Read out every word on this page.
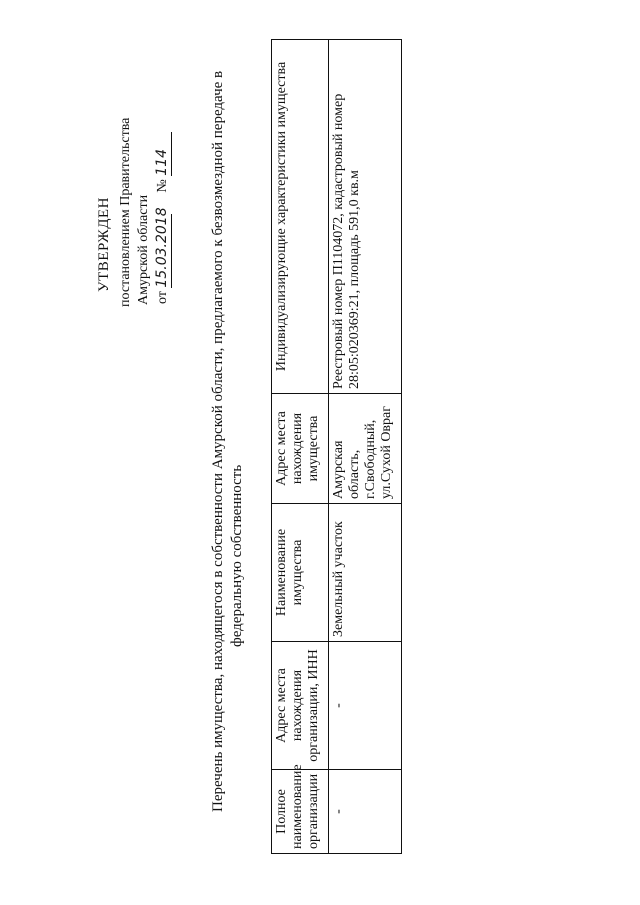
УТВЕРЖДЕН постановлением Правительства Амурской области от 15.03.2018      № 114	Перечень имущества, находящегося в собственности Амурской области, предлагаемого к безвозмездной передаче в федеральную собственность
Полное наименование организации	Адрес места нахождения организации, ИНН	Наименование имущества	Адрес места нахождения имущества	Индивидуализирующие характеристики имущества
-	-	Земельный участок	Амурская область, г.Свободный, ул.Сухой Овраг	Реестровый номер П1104072, кадастровый номер 28:05:020369:21, площадь 591,0 кв.м
